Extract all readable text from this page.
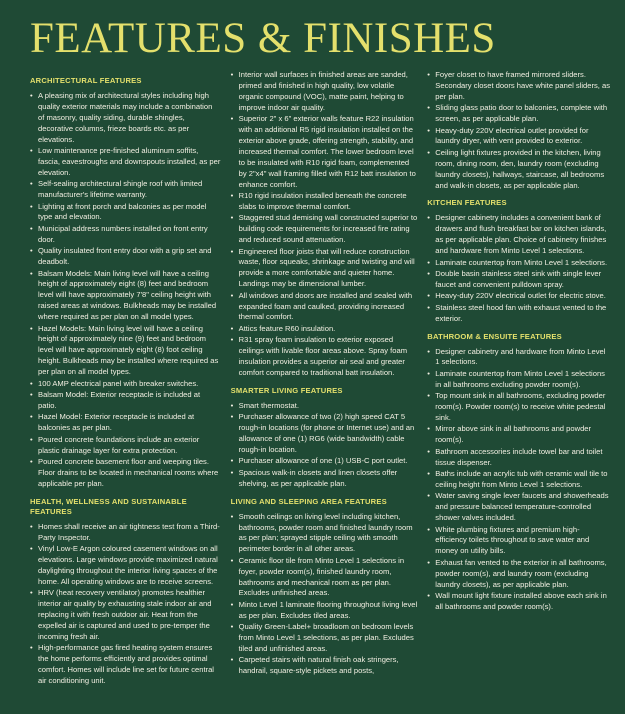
FEATURES & FINISHES
ARCHITECTURAL FEATURES
• A pleasing mix of architectural styles including high quality exterior materials may include a combination of masonry, quality siding, durable shingles, decorative columns, frieze boards etc. as per elevations.
• Low maintenance pre-finished aluminum soffits, fascia, eavestroughs and downspouts installed, as per elevation.
• Self-sealing architectural shingle roof with limited manufacturer's lifetime warranty.
• Lighting at front porch and balconies as per model type and elevation.
• Municipal address numbers installed on front entry door.
• Quality insulated front entry door with a grip set and deadbolt.
• Balsam Models: Main living level will have a ceiling height of approximately eight (8) feet and bedroom level will have approximately 7'8" ceiling height with raised areas at windows. Bulkheads may be installed where required as per plan on all model types.
• Hazel Models: Main living level will have a ceiling height of approximately nine (9) feet and bedroom level will have approximately eight (8) foot ceiling height. Bulkheads may be installed where required as per plan on all model types.
• 100 AMP electrical panel with breaker switches.
• Balsam Model: Exterior receptacle is included at patio.
• Hazel Model: Exterior receptacle is included at balconies as per plan.
• Poured concrete foundations include an exterior plastic drainage layer for extra protection.
• Poured concrete basement floor and weeping tiles. Floor drains to be located in mechanical rooms where applicable per plan.
HEALTH, WELLNESS AND SUSTAINABLE FEATURES
• Homes shall receive an air tightness test from a Third-Party Inspector.
• Vinyl Low-E Argon coloured casement windows on all elevations. Large windows provide maximized natural daylighting throughout the interior living spaces of the home. All operating windows are to receive screens.
• HRV (heat recovery ventilator) promotes healthier interior air quality by exhausting stale indoor air and replacing it with fresh outdoor air. Heat from the expelled air is captured and used to pre-temper the incoming fresh air.
• High-performance gas fired heating system ensures the home performs efficiently and provides optimal comfort. Homes will include line set for future central air conditioning unit.
• Interior wall surfaces in finished areas are sanded, primed and finished in high quality, low volatile organic compound (VOC), matte paint, helping to improve indoor air quality.
• Superior 2" x 6" exterior walls feature R22 insulation with an additional R5 rigid insulation installed on the exterior above grade, offering strength, stability, and increased thermal comfort. The lower bedroom level to be insulated with R10 rigid foam, complemented by 2"x4" wall framing filled with R12 batt insulation to enhance comfort.
• R10 rigid insulation installed beneath the concrete slabs to improve thermal comfort.
• Staggered stud demising wall constructed superior to building code requirements for increased fire rating and reduced sound attenuation.
• Engineered floor joists that will reduce construction waste, floor squeaks, shrinkage and twisting and will provide a more comfortable and quieter home. Landings may be dimensional lumber.
• All windows and doors are installed and sealed with expanded foam and caulked, providing increased thermal comfort.
• Attics feature R60 insulation.
• R31 spray foam insulation to exterior exposed ceilings with livable floor areas above. Spray foam insulation provides a superior air seal and greater comfort compared to traditional batt insulation.
SMARTER LIVING FEATURES
• Smart thermostat.
• Purchaser allowance of two (2) high speed CAT 5 rough-in locations (for phone or Internet use) and an allowance of one (1) RG6 (wide bandwidth) cable rough-in location.
• Purchaser allowance of one (1) USB-C port outlet.
• Spacious walk-in closets and linen closets offer shelving, as per applicable plan.
LIVING AND SLEEPING AREA FEATURES
• Smooth ceilings on living level including kitchen, bathrooms, powder room and finished laundry room as per plan; sprayed stipple ceiling with smooth perimeter border in all other areas.
• Ceramic floor tile from Minto Level 1 selections in foyer, powder room(s), finished laundry room, bathrooms and mechanical room as per plan. Excludes unfinished areas.
• Minto Level 1 laminate flooring throughout living level as per plan. Excludes tiled areas.
• Quality Green-Label+ broadloom on bedroom levels from Minto Level 1 selections, as per plan. Excludes tiled and unfinished areas.
• Carpeted stairs with natural finish oak stringers, handrail, square-style pickets and posts,
• Foyer closet to have framed mirrored sliders. Secondary closet doors have white panel sliders, as per plan.
• Sliding glass patio door to balconies, complete with screen, as per applicable plan.
• Heavy-duty 220V electrical outlet provided for laundry dryer, with vent provided to exterior.
• Ceiling light fixtures provided in the kitchen, living room, dining room, den, laundry room (excluding laundry closets), hallways, staircase, all bedrooms and walk-in closets, as per applicable plan.
KITCHEN FEATURES
• Designer cabinetry includes a convenient bank of drawers and flush breakfast bar on kitchen islands, as per applicable plan. Choice of cabinetry finishes and hardware from Minto Level 1 selections.
• Laminate countertop from Minto Level 1 selections.
• Double basin stainless steel sink with single lever faucet and convenient pulldown spray.
• Heavy-duty 220V electrical outlet for electric stove.
• Stainless steel hood fan with exhaust vented to the exterior.
BATHROOM & ENSUITE FEATURES
• Designer cabinetry and hardware from Minto Level 1 selections.
• Laminate countertop from Minto Level 1 selections in all bathrooms excluding powder room(s).
• Top mount sink in all bathrooms, excluding powder room(s). Powder room(s) to receive white pedestal sink.
• Mirror above sink in all bathrooms and powder room(s).
• Bathroom accessories include towel bar and toilet tissue dispenser.
• Baths include an acrylic tub with ceramic wall tile to ceiling height from Minto Level 1 selections.
• Water saving single lever faucets and showerheads and pressure balanced temperature-controlled shower valves included.
• White plumbing fixtures and premium high-efficiency toilets throughout to save water and money on utility bills.
• Exhaust fan vented to the exterior in all bathrooms, powder room(s), and laundry room (excluding laundry closets), as per applicable plan.
• Wall mount light fixture installed above each sink in all bathrooms and powder room(s).
